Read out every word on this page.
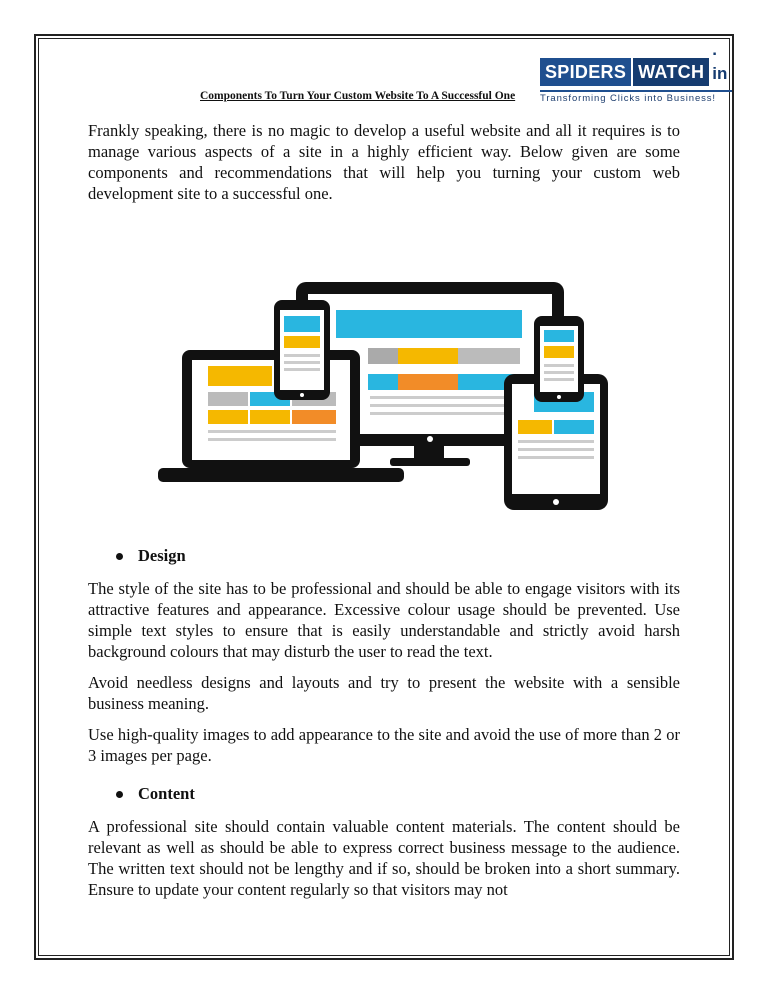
SPIDERS WATCH
. in
Transforming Clicks into Business!
Components To Turn Your Custom Website To A Successful One

Frankly speaking, there is no magic to develop a useful website and all it requires is to manage various aspects of a site in a highly efficient way. Below given are some components and recommendations that will help you turning your custom web development site to a successful one.

Design

The style of the site has to be professional and should be able to engage visitors with its attractive features and appearance. Excessive colour usage should be prevented. Use simple text styles to ensure that is easily understandable and strictly avoid harsh background colours that may disturb the user to read the text.

Avoid needless designs and layouts and try to present the website with a sensible business meaning.

Use high-quality images to add appearance to the site and avoid the use of more than 2 or 3 images per page.

Content

A professional site should contain valuable content materials. The content should be relevant as well as should be able to express correct business message to the audience. The written text should not be lengthy and if so, should be broken into a short summary. Ensure to update your content regularly so that visitors may not
